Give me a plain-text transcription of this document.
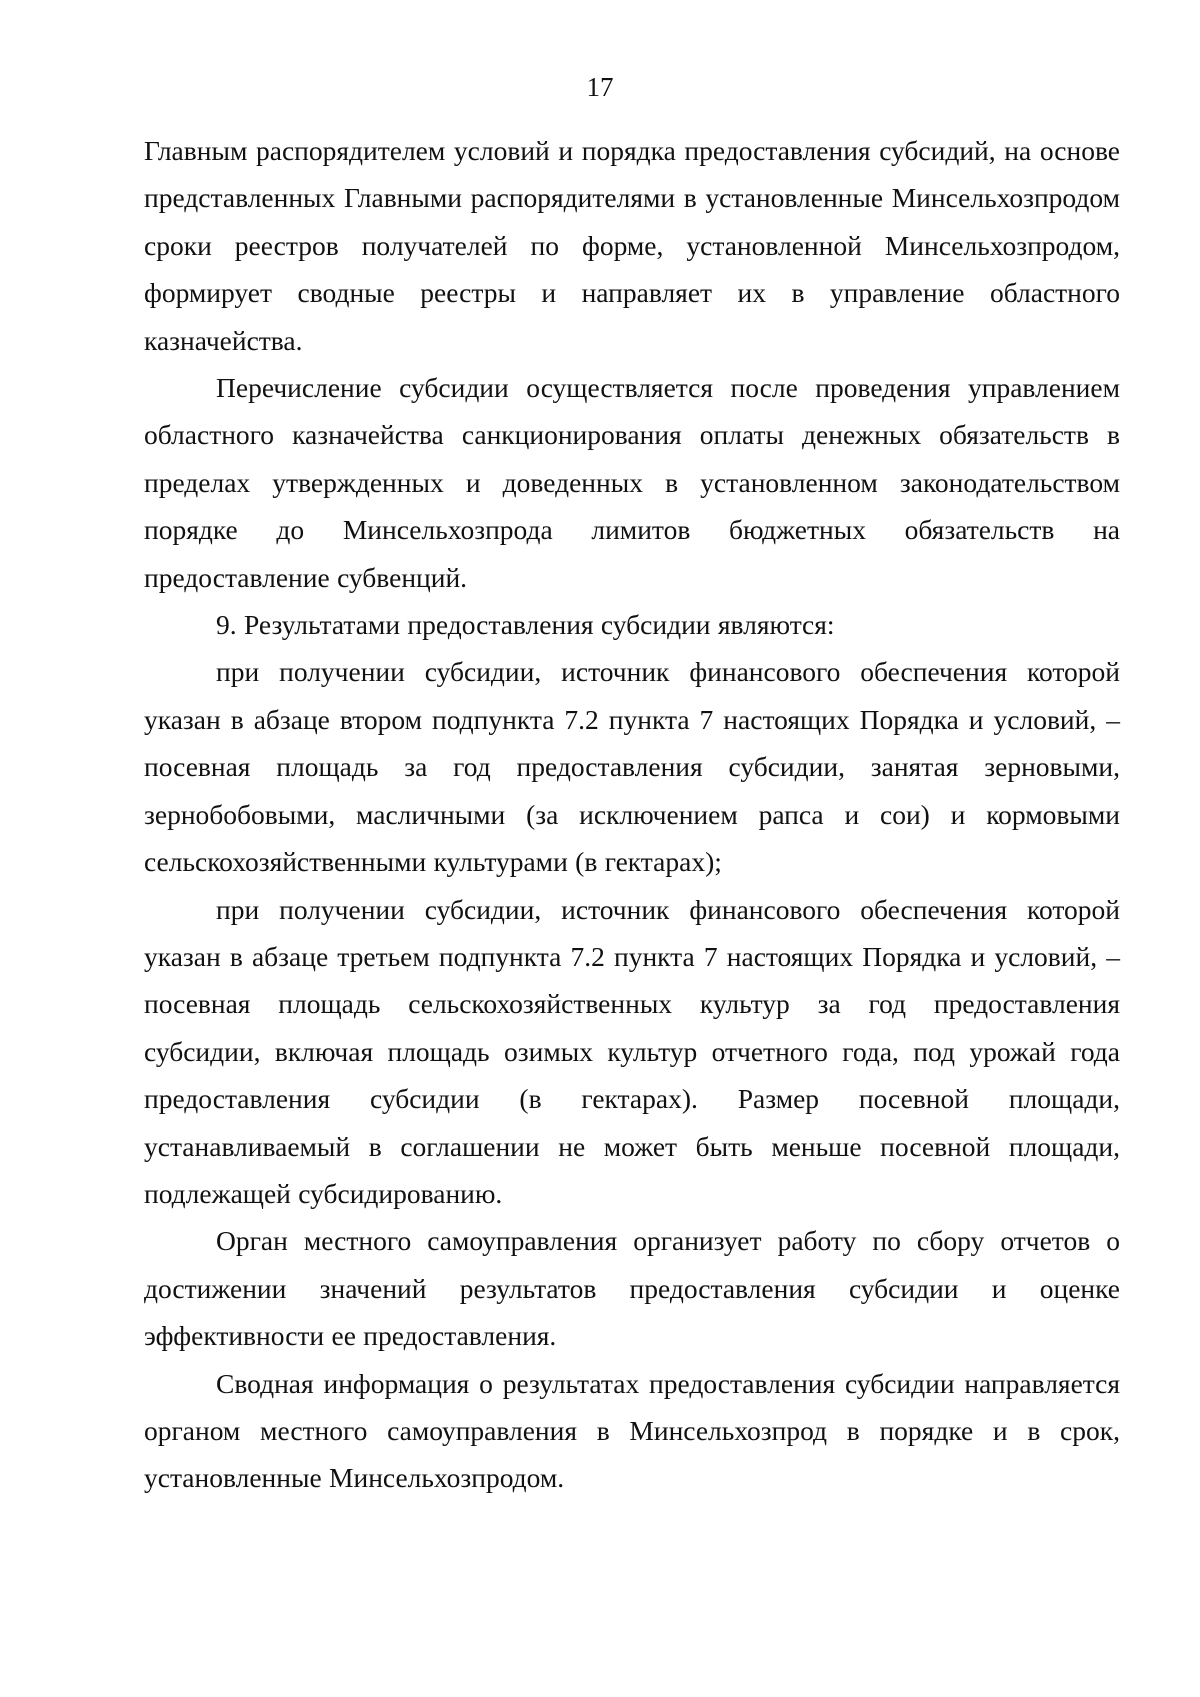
17

Главным распорядителем условий и порядка предоставления субсидий, на основе представленных Главными распорядителями в установленные Минсельхозпродом сроки реестров получателей по форме, установленной Минсельхозпродом, формирует сводные реестры и направляет их в управление областного казначейства.

Перечисление субсидии осуществляется после проведения управлением областного казначейства санкционирования оплаты денежных обязательств в пределах утвержденных и доведенных в установленном законодательством порядке до Минсельхозпрода лимитов бюджетных обязательств на предоставление субвенций.

9. Результатами предоставления субсидии являются:

при получении субсидии, источник финансового обеспечения которой указан в абзаце втором подпункта 7.2 пункта 7 настоящих Порядка и условий, – посевная площадь за год предоставления субсидии, занятая зерновыми, зернобобовыми, масличными (за исключением рапса и сои) и кормовыми сельскохозяйственными культурами (в гектарах);

при получении субсидии, источник финансового обеспечения которой указан в абзаце третьем подпункта 7.2 пункта 7 настоящих Порядка и условий, – посевная площадь сельскохозяйственных культур за год предоставления субсидии, включая площадь озимых культур отчетного года, под урожай года предоставления субсидии (в гектарах). Размер посевной площади, устанавливаемый в соглашении не может быть меньше посевной площади, подлежащей субсидированию.

Орган местного самоуправления организует работу по сбору отчетов о достижении значений результатов предоставления субсидии и оценке эффективности ее предоставления.

Сводная информация о результатах предоставления субсидии направляется органом местного самоуправления в Минсельхозпрод в порядке и в срок, установленные Минсельхозпродом.
